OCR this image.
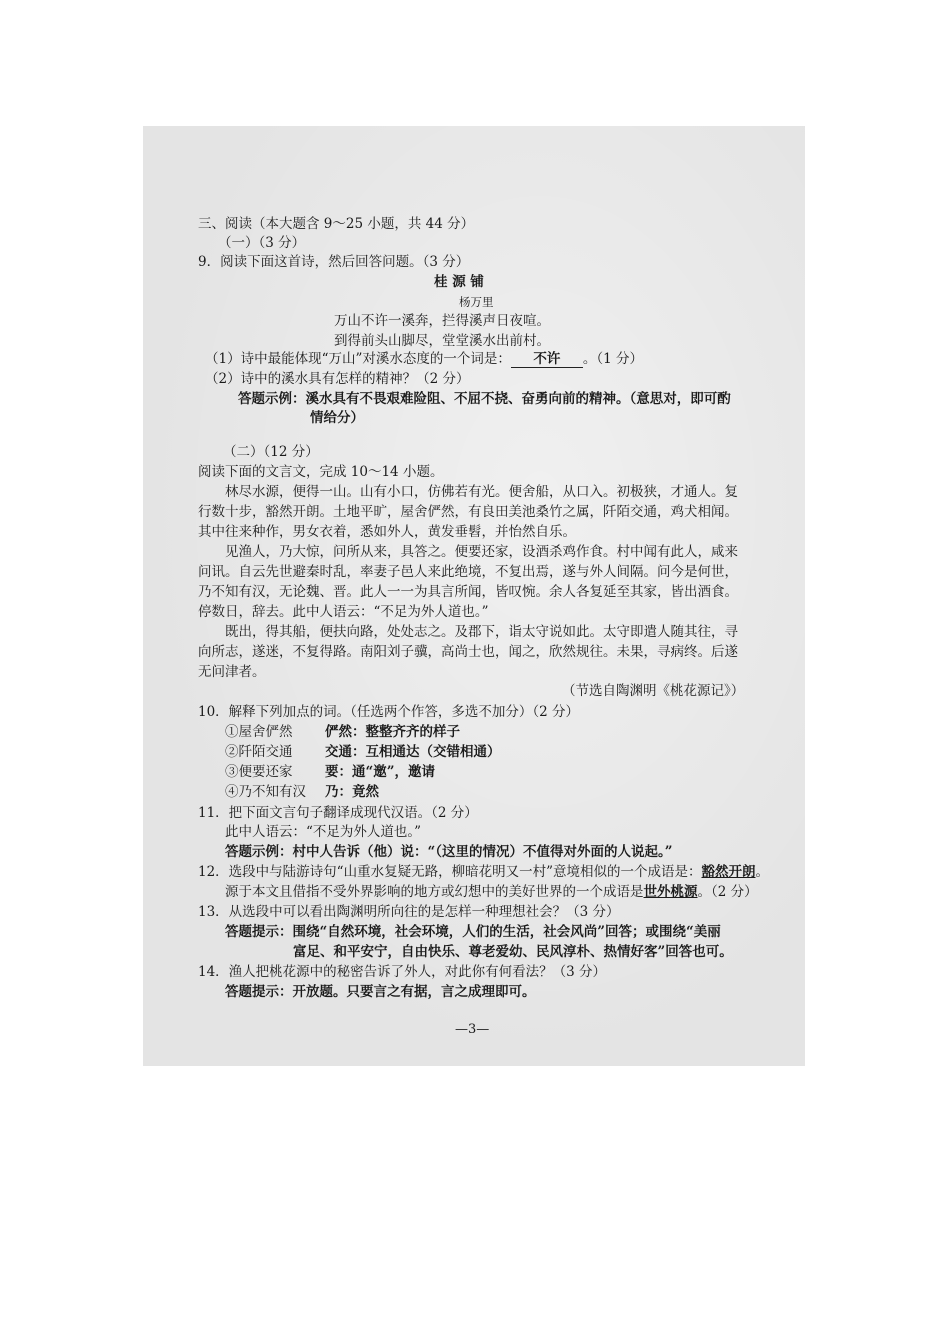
三、阅读（本大题含 9～25 小题，共 44 分）
（一）（3 分）
9．阅读下面这首诗，然后回答问题。（3 分）
桂 源 铺
杨万里
万山不许一溪奔，拦得溪声日夜喧。
到得前头山脚尽，堂堂溪水出前村。
（1）诗中最能体现“万山”对溪水态度的一个词是： 不许 。（1 分）
（2）诗中的溪水具有怎样的精神？（2 分）
答题示例：溪水具有不畏艰难险阻、不屈不挠、奋勇向前的精神。（意思对，即可酌
情给分）
（二）（12 分）
阅读下面的文言文，完成 10～14 小题。
林尽水源，便得一山。山有小口，仿佛若有光。便舍船，从口入。初极狭，才通人。复
行数十步，豁然开朗。土地平旷，屋舍俨然，有良田美池桑竹之属，阡陌交通，鸡犬相闻。
其中往来种作，男女衣着，悉如外人，黄发垂髫，并怡然自乐。
见渔人，乃大惊，问所从来，具答之。便要还家，设酒杀鸡作食。村中闻有此人，咸来
问讯。自云先世避秦时乱，率妻子邑人来此绝境，不复出焉，遂与外人间隔。问今是何世，
乃不知有汉，无论魏、晋。此人一一为具言所闻，皆叹惋。余人各复延至其家，皆出酒食。
停数日，辞去。此中人语云：“不足为外人道也。”
既出，得其船，便扶向路，处处志之。及郡下，诣太守说如此。太守即遣人随其往，寻
向所志，遂迷，不复得路。南阳刘子骥，高尚士也，闻之，欣然规往。未果，寻病终。后遂
无问津者。
（节选自陶渊明《桃花源记》）
10．解释下列加点的词。（任选两个作答，多选不加分）（2 分）
①屋舍俨然 俨然：整整齐齐的样子
②阡陌交通 交通：互相通达（交错相通）
③便要还家 要：通“邀”，邀请
④乃不知有汉 乃：竟然
11．把下面文言句子翻译成现代汉语。（2 分）
此中人语云：“不足为外人道也。”
答题示例：村中人告诉（他）说：“（这里的情况）不值得对外面的人说起。”
12．选段中与陆游诗句“山重水复疑无路，柳暗花明又一村”意境相似的一个成语是：豁然开朗。
源于本文且借指不受外界影响的地方或幻想中的美好世界的一个成语是世外桃源。（2 分）
13．从选段中可以看出陶渊明所向往的是怎样一种理想社会？（3 分）
答题提示：围绕“自然环境，社会环境，人们的生活，社会风尚”回答；或围绕“美丽
富足、和平安宁，自由快乐、尊老爱幼、民风淳朴、热情好客”回答也可。
14．渔人把桃花源中的秘密告诉了外人，对此你有何看法？（3 分）
答题提示：开放题。只要言之有据，言之成理即可。
—3—
